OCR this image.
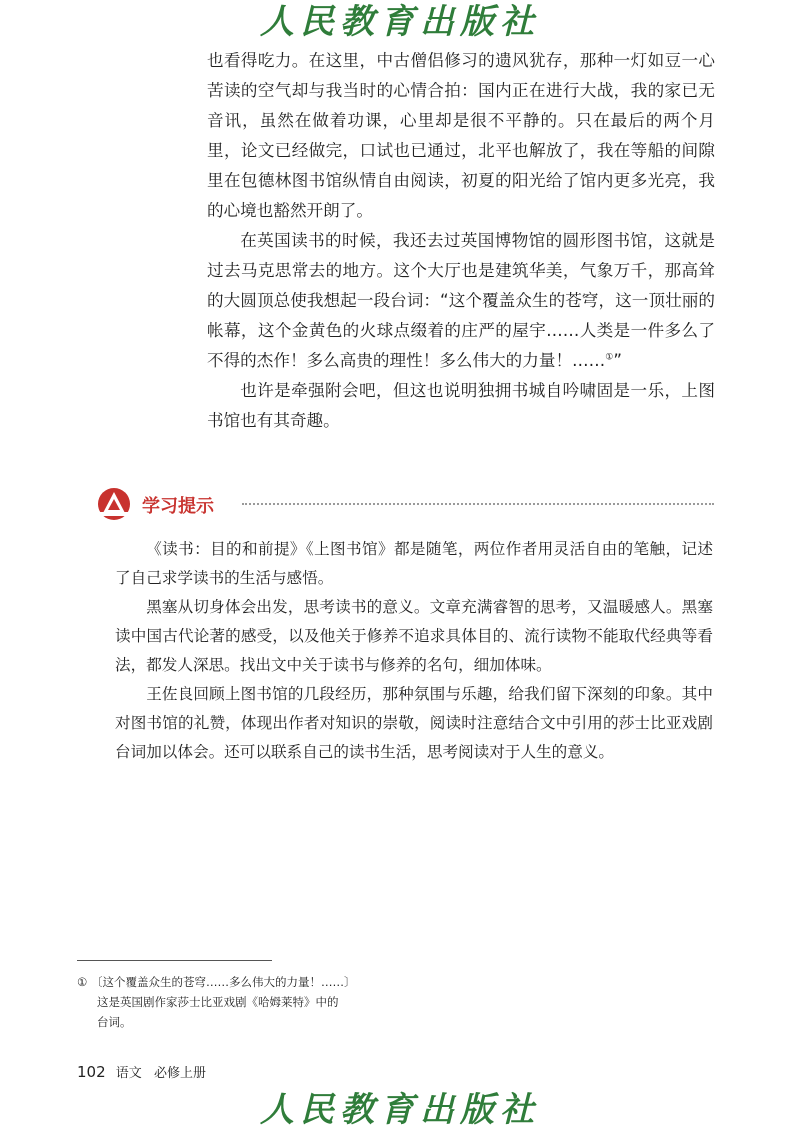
人民教育出版社

也看得吃力。在这里，中古僧侣修习的遗风犹存，那种一灯如豆一心苦读的空气却与我当时的心情合拍：国内正在进行大战，我的家已无音讯，虽然在做着功课，心里却是很不平静的。只在最后的两个月里，论文已经做完，口试也已通过，北平也解放了，我在等船的间隙里在包德林图书馆纵情自由阅读，初夏的阳光给了馆内更多光亮，我的心境也豁然开朗了。

在英国读书的时候，我还去过英国博物馆的圆形图书馆，这就是过去马克思常去的地方。这个大厅也是建筑华美，气象万千，那高耸的大圆顶总使我想起一段台词：“这个覆盖众生的苍穹，这一顶壮丽的帐幕，这个金黄色的火球点缀着的庄严的屋宇……人类是一件多么了不得的杰作！多么高贵的理性！多么伟大的力量！……①”

也许是牵强附会吧，但这也说明独拥书城自吟啸固是一乐，上图书馆也有其奇趣。

学习提示

《读书：目的和前提》《上图书馆》都是随笔，两位作者用灵活自由的笔触，记述了自己求学读书的生活与感悟。

黑塞从切身体会出发，思考读书的意义。文章充满睿智的思考，又温暖感人。黑塞读中国古代论著的感受，以及他关于修养不追求具体目的、流行读物不能取代经典等看法，都发人深思。找出文中关于读书与修养的名句，细加体味。

王佐良回顾上图书馆的几段经历，那种氛围与乐趣，给我们留下深刻的印象。其中对图书馆的礼赞，体现出作者对知识的崇敬，阅读时注意结合文中引用的莎士比亚戏剧台词加以体会。还可以联系自己的读书生活，思考阅读对于人生的意义。

① 〔这个覆盖众生的苍穹……多么伟大的力量！……〕
这是英国剧作家莎士比亚戏剧《哈姆莱特》中的
台词。
102 语文 必修上册
人民教育出版社
